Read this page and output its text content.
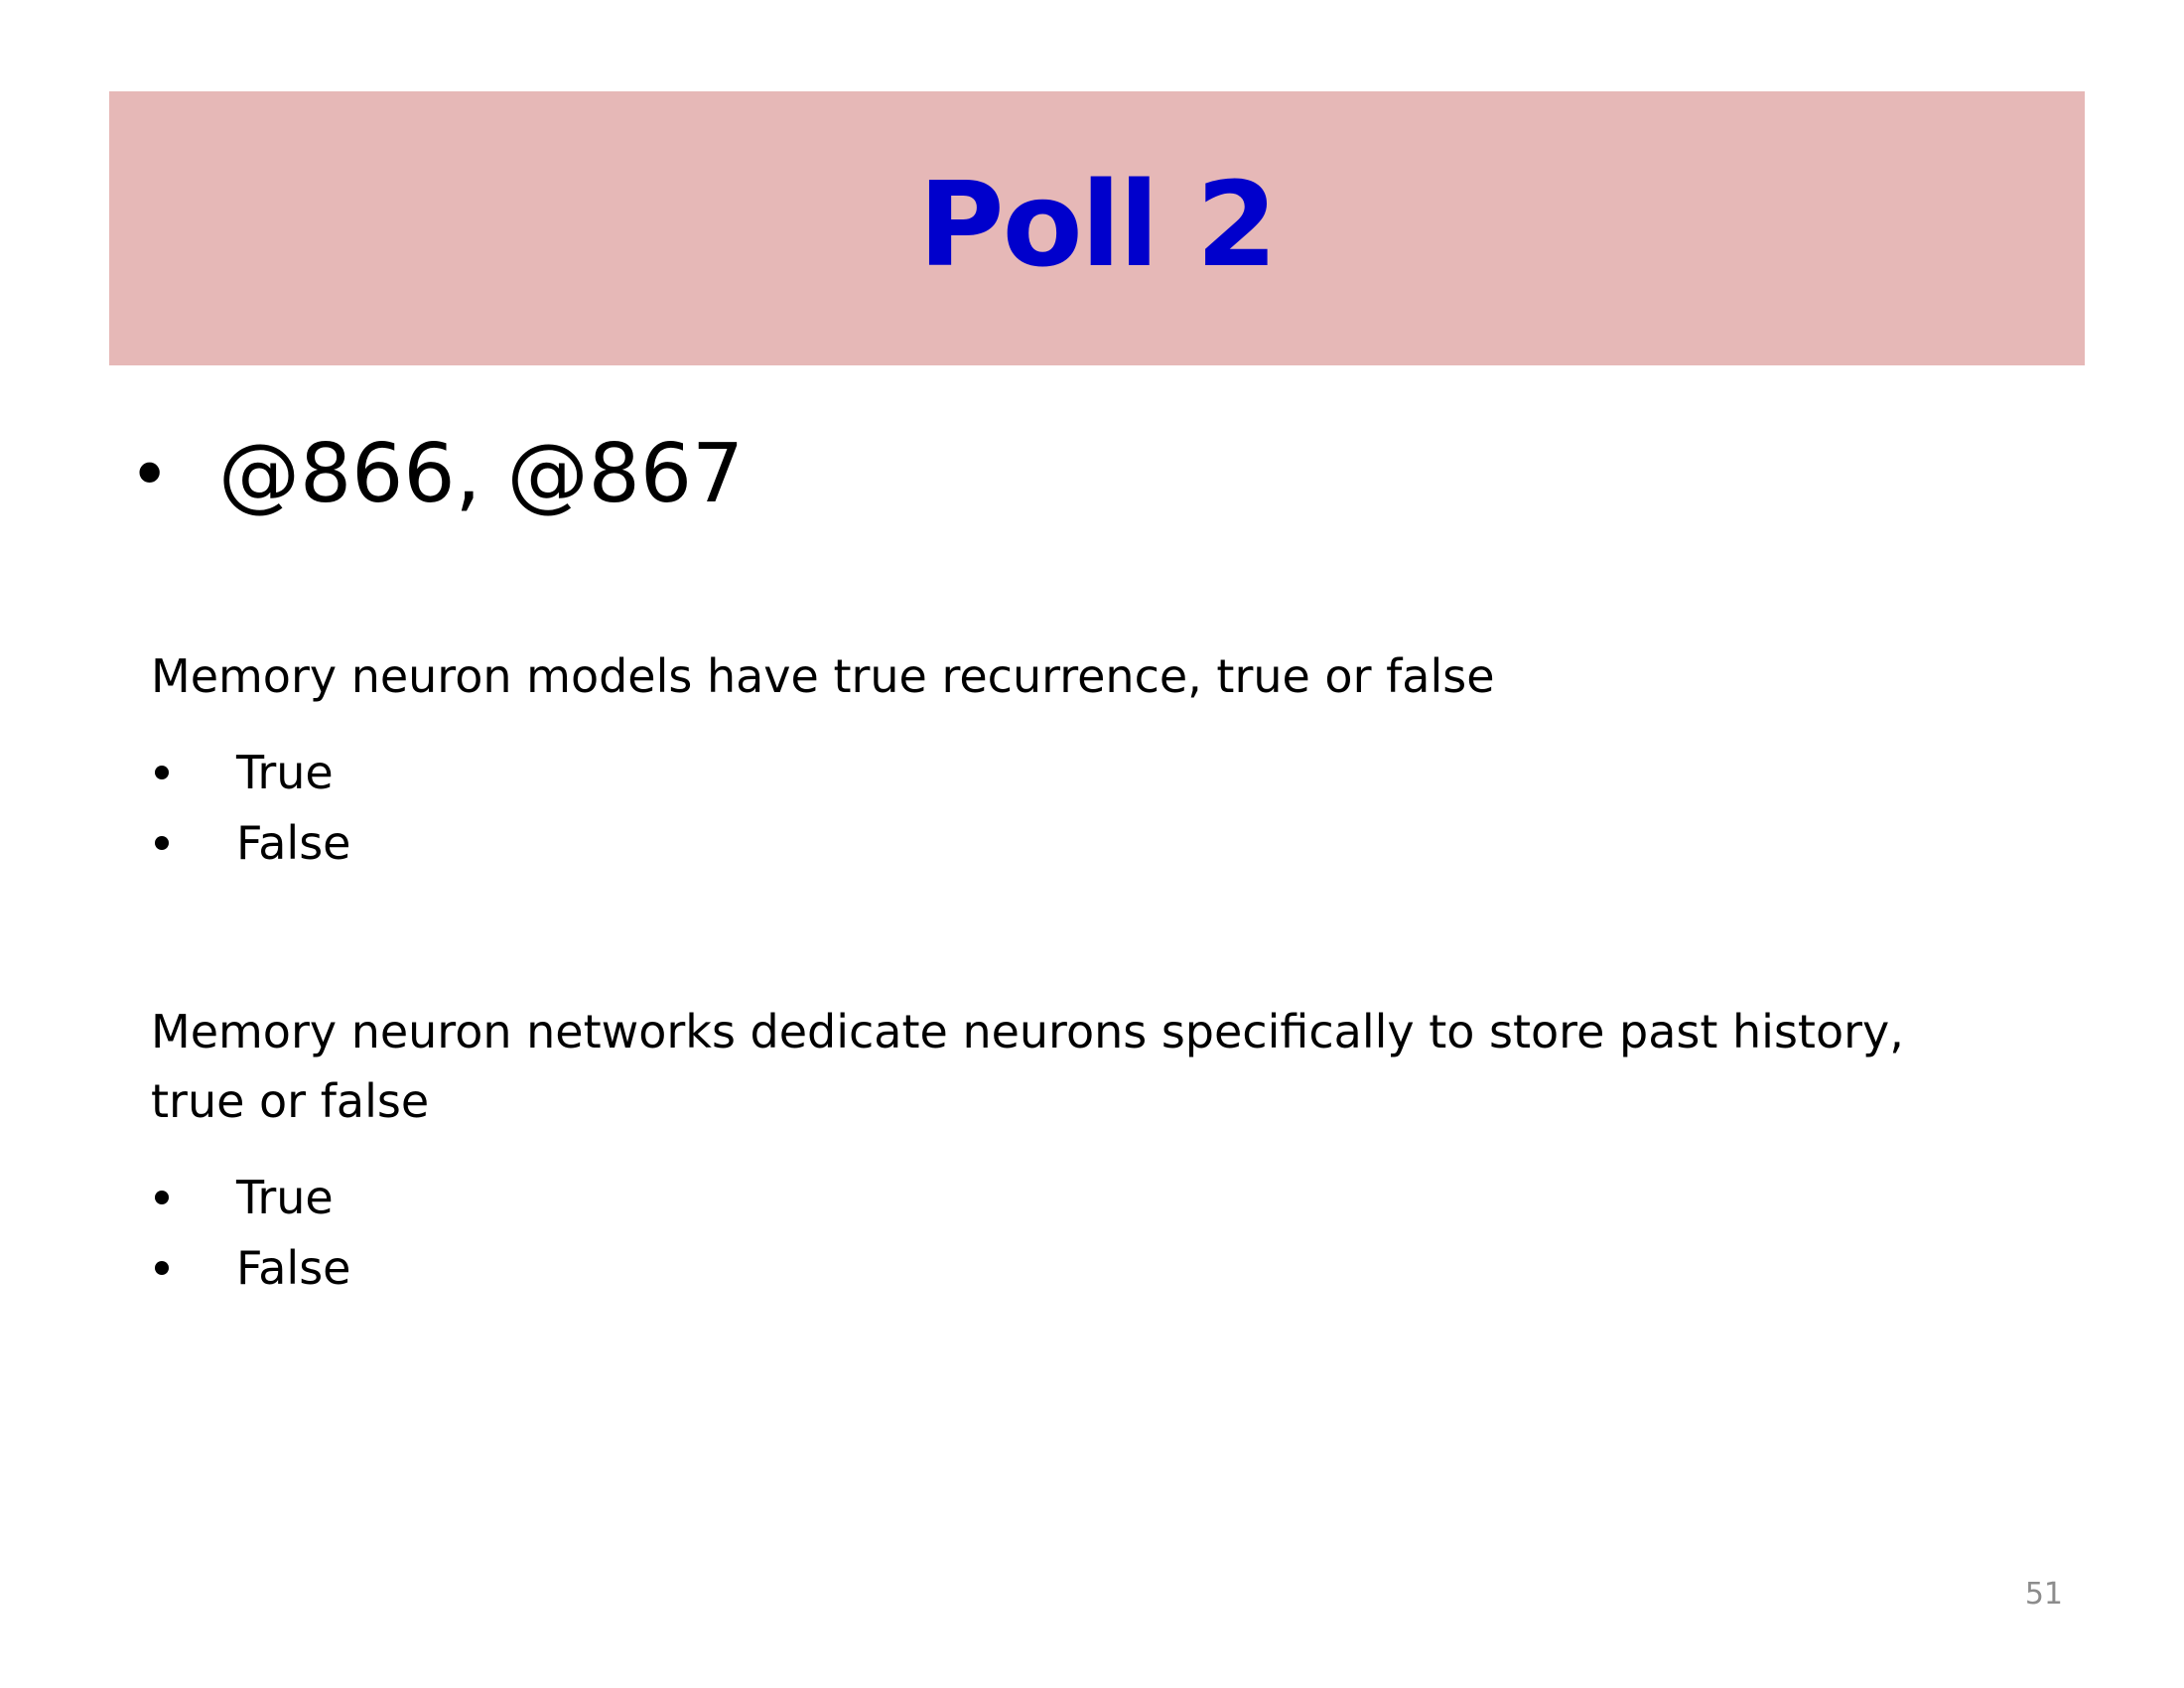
Poll 2
• @866, @867
Memory neuron models have true recurrence, true or false
True
False
Memory neuron networks dedicate neurons specifically to store past history, true or false
True
False
51
